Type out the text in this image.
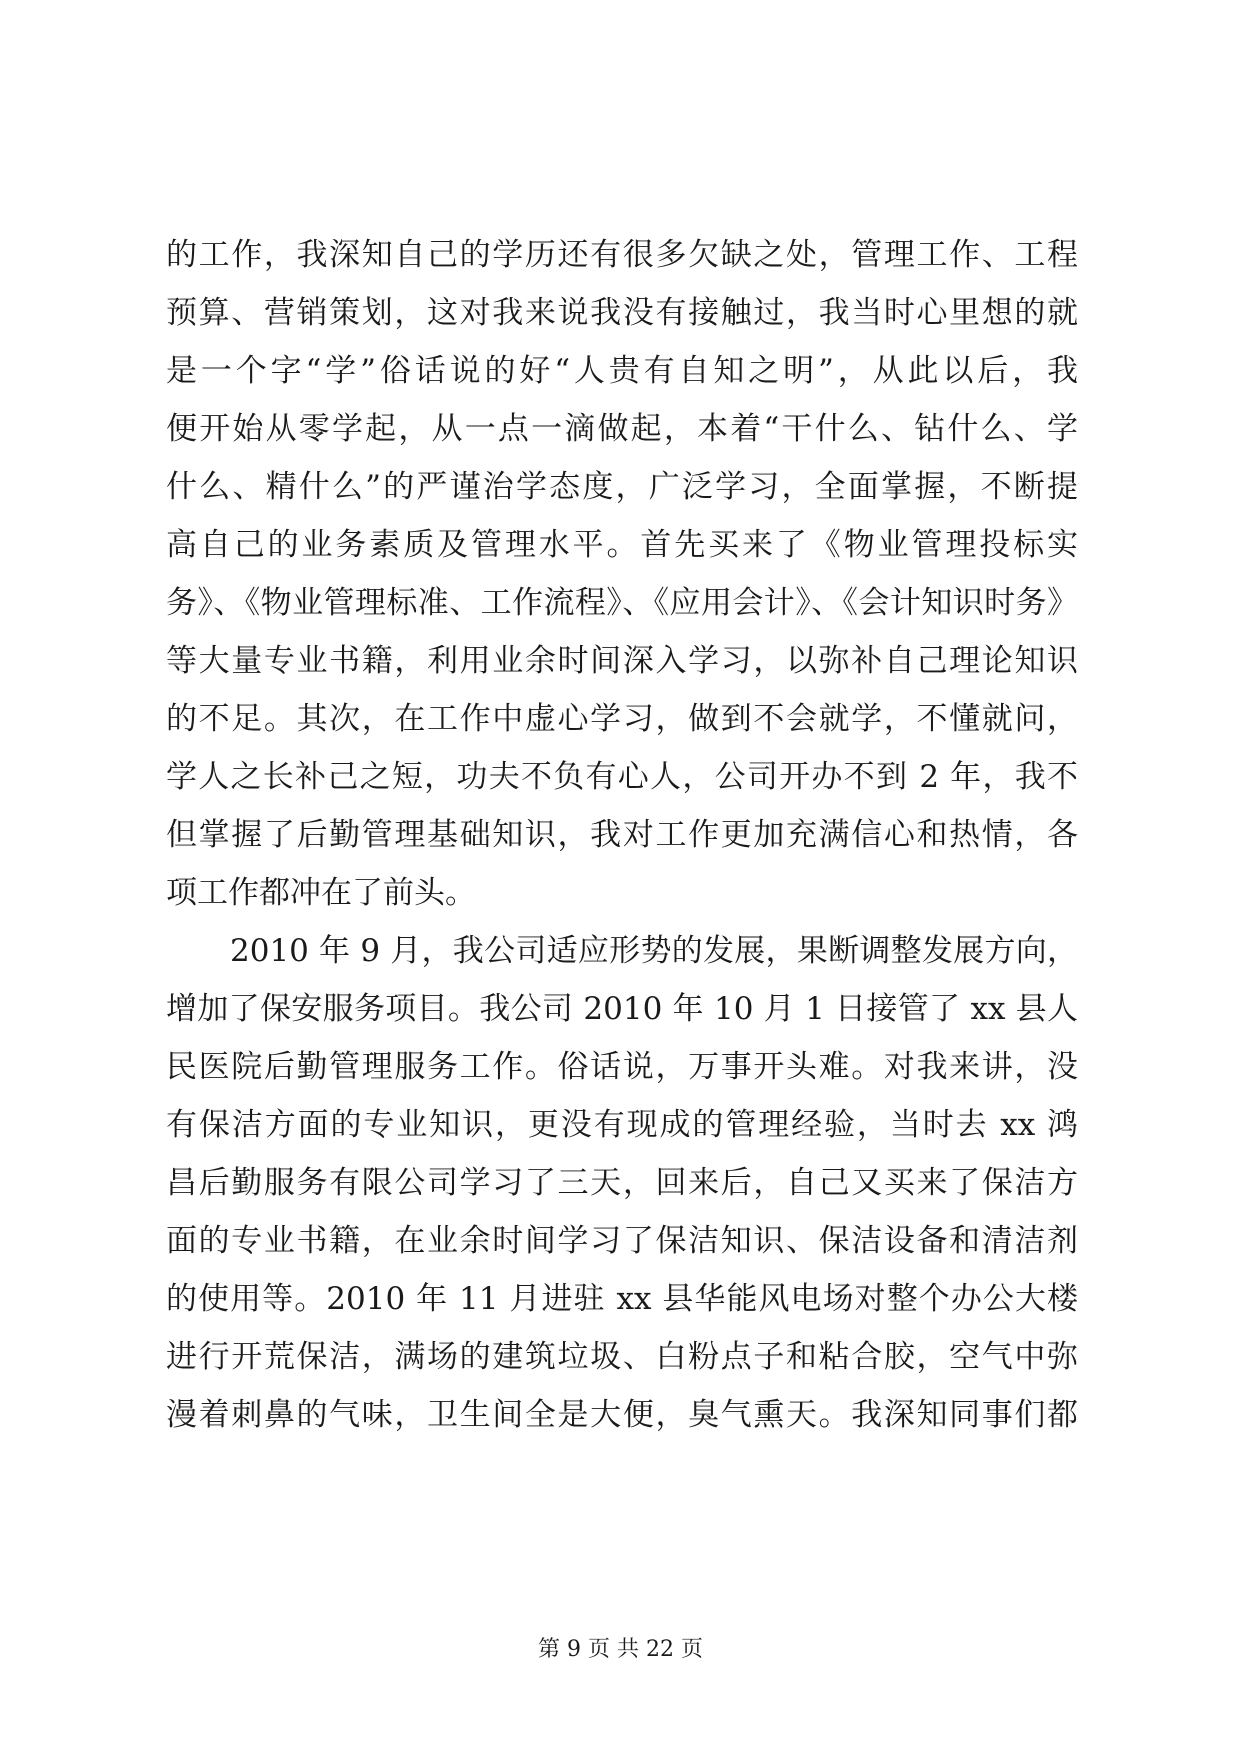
的工作，我深知自己的学历还有很多欠缺之处，管理工作、工程
预算、营销策划，这对我来说我没有接触过，我当时心里想的就
是一个字“学”俗话说的好“人贵有自知之明”，从此以后，我
便开始从零学起，从一点一滴做起，本着“干什么、钻什么、学
什么、精什么”的严谨治学态度，广泛学习，全面掌握，不断提
高自己的业务素质及管理水平。首先买来了《物业管理投标实
务》、《物业管理标准、工作流程》、《应用会计》、《会计知识时务》
等大量专业书籍，利用业余时间深入学习，以弥补自己理论知识
的不足。其次，在工作中虚心学习，做到不会就学，不懂就问，
学人之长补己之短，功夫不负有心人，公司开办不到 2 年，我不
但掌握了后勤管理基础知识，我对工作更加充满信心和热情，各
项工作都冲在了前头。
2010 年 9 月，我公司适应形势的发展，果断调整发展方向，
增加了保安服务项目。我公司 2010 年 10 月 1 日接管了 xx 县人
民医院后勤管理服务工作。俗话说，万事开头难。对我来讲，没
有保洁方面的专业知识，更没有现成的管理经验，当时去 xx 鸿
昌后勤服务有限公司学习了三天，回来后，自己又买来了保洁方
面的专业书籍，在业余时间学习了保洁知识、保洁设备和清洁剂
的使用等。2010 年 11 月进驻 xx 县华能风电场对整个办公大楼
进行开荒保洁，满场的建筑垃圾、白粉点子和粘合胶，空气中弥
漫着刺鼻的气味，卫生间全是大便，臭气熏天。我深知同事们都
第 9 页 共 22 页
